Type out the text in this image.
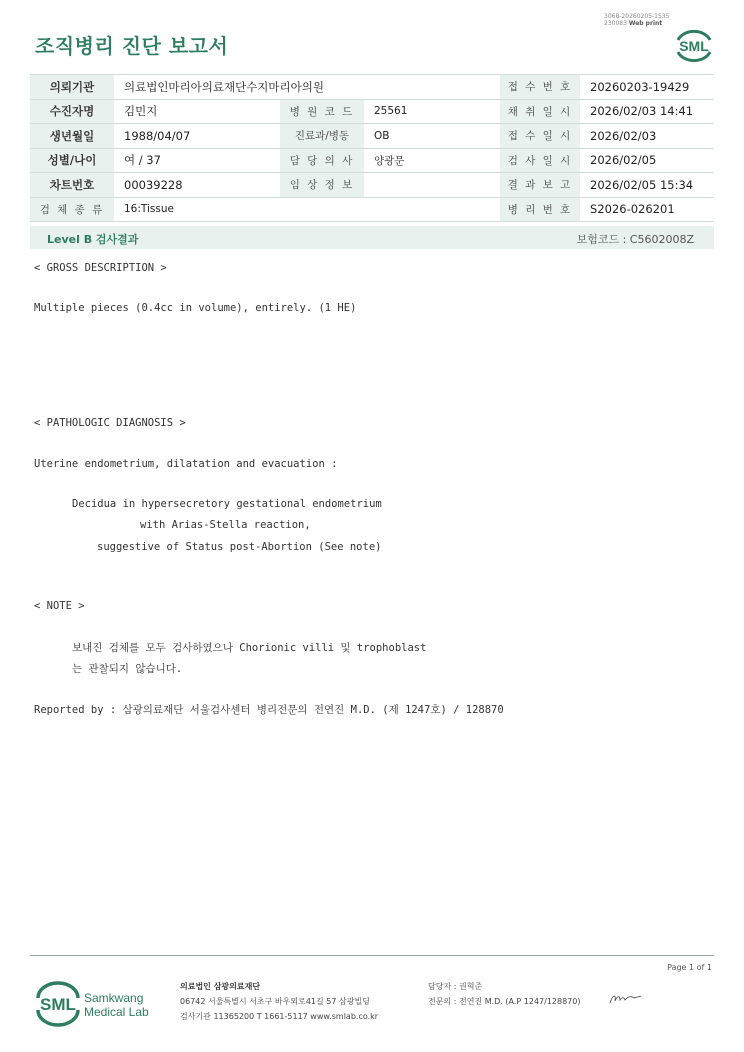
3068-20260205-1535
230083 Web print
조직병리 진단 보고서	SML
의뢰기관	의료법인마리아의료재단수지마리아의원			접 수 번 호	20260203-19429
수진자명	김민지	병 원 코 드	25561	채 취 일 시	2026/02/03 14:41
생년월일	1988/04/07	진료과/병동	OB	접 수 일 시	2026/02/03
성별/나이	여 / 37	담 당 의 사	양광문	검 사 일 시	2026/02/05
차트번호	00039228	임 상 정 보		결 과 보 고	2026/02/05 15:34
검 체 종 류	16:Tissue			병 리 번 호	S2026-026201
Level B 검사결과	보험코드 : C5602008Z
< GROSS DESCRIPTION >
Multiple pieces (0.4cc in volume), entirely. (1 HE)
< PATHOLOGIC DIAGNOSIS >
Uterine endometrium, dilatation and evacuation :
Decidua in hypersecretory gestational endometrium
with Arias-Stella reaction,
suggestive of Status post-Abortion (See note)
< NOTE >
보내진 검체를 모두 검사하였으나 Chorionic villi 및 trophoblast
는 관찰되지 않습니다.
Reported by : 삼광의료재단 서울검사센터 병리전문의 전연진 M.D. (제 1247호) / 128870
Page 1 of 1
SML Samkwang
Medical Lab
의료법인 삼광의료재단
06742 서울특별시 서초구 바우뫼로41길 57 삼광빌딩
검사기관 11365200 T 1661-5117 www.smlab.co.kr
담당자 : 권혁준
전문의 : 전연진 M.D. (A.P 1247/128870)
